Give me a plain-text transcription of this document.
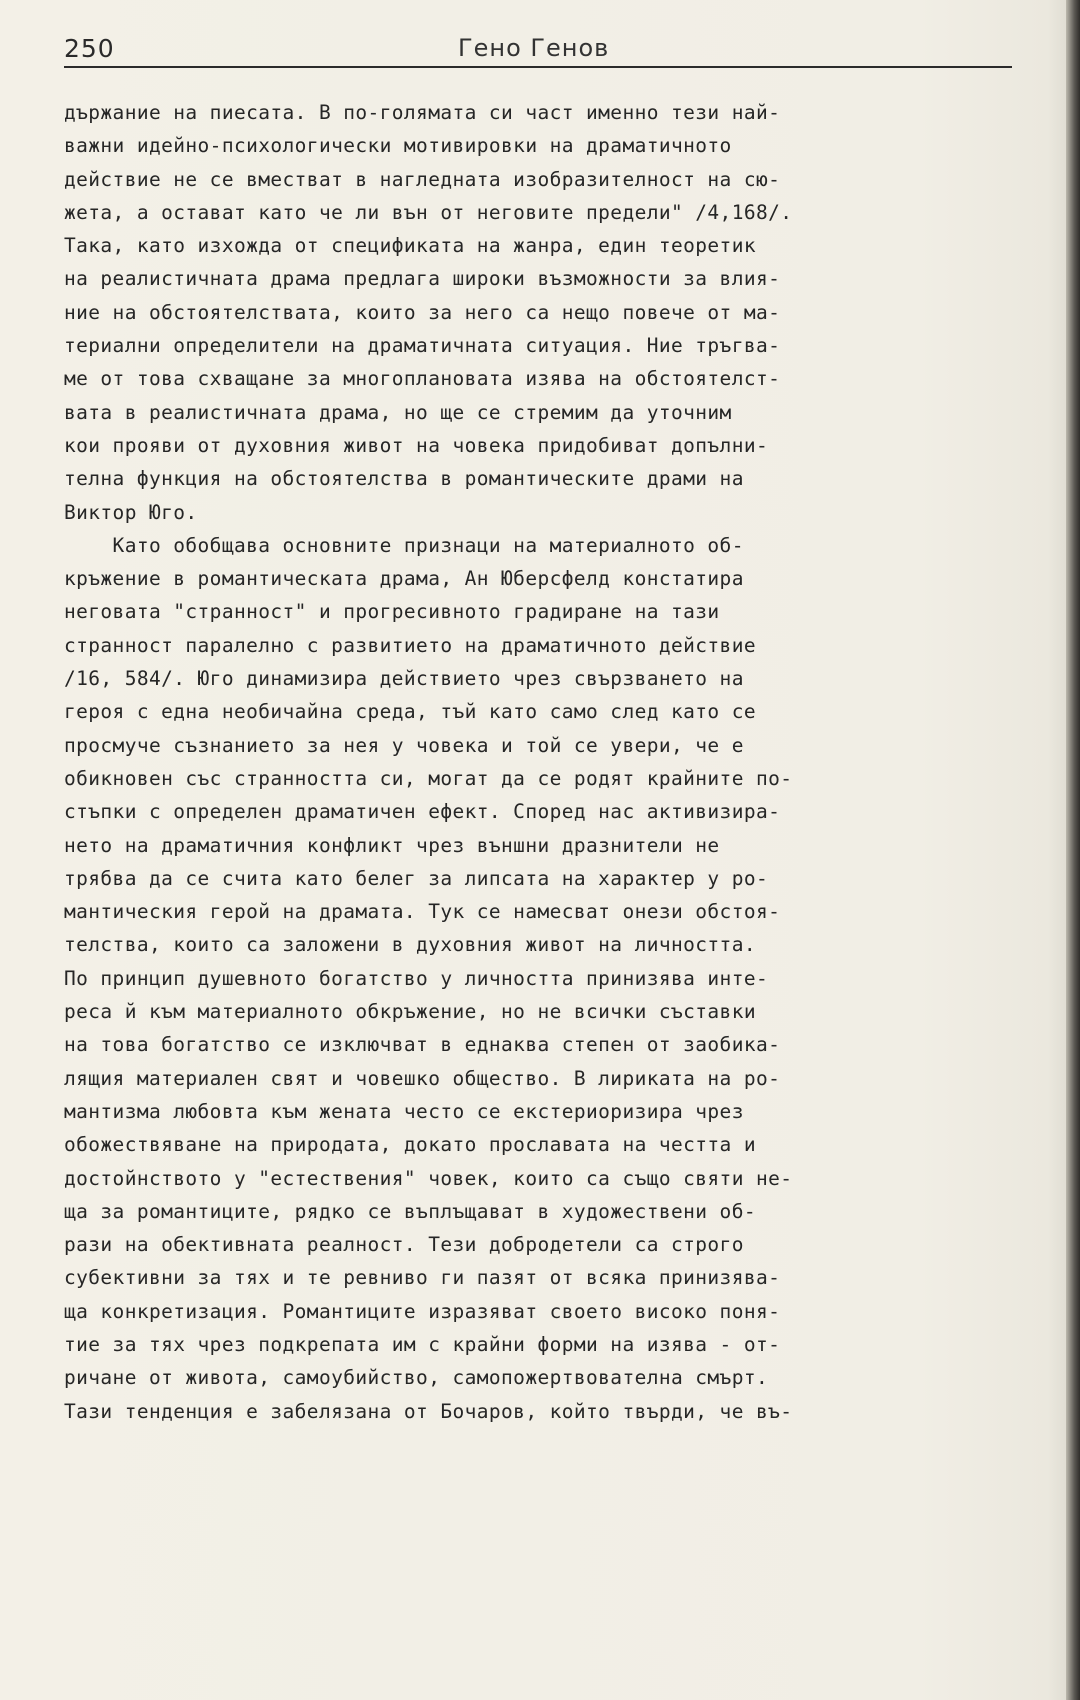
250	Гено Генов
държание на пиесата. В по-голямата си част именно тези най-
важни идейно-психологически мотивировки на драматичното
действие не се вместват в нагледната изобразителност на сю-
жета, а остават като че ли вън от неговите предели" /4,168/.
Така, като изхожда от спецификата на жанра, един теоретик
на реалистичната драма предлага широки възможности за влия-
ние на обстоятелствата, които за него са нещо повече от ма-
териални определители на драматичната ситуация. Ние тръгва-
ме от това схващане за многоплановата изява на обстоятелст-
вата в реалистичната драма, но ще се стремим да уточним
кои прояви от духовния живот на човека придобиват допълни-
телна функция на обстоятелства в романтическите драми на
Виктор Юго.
Като обобщава основните признаци на материалното об-
кръжение в романтическата драма, Ан Юберсфелд констатира
неговата "странност" и прогресивното градиране на тази
странност паралелно с развитието на драматичното действие
/16, 584/. Юго динамизира действието чрез свързването на
героя с една необичайна среда, тъй като само след като се
просмуче съзнанието за нея у човека и той се увери, че е
обикновен със странността си, могат да се родят крайните по-
стъпки с определен драматичен ефект. Според нас активизира-
нето на драматичния конфликт чрез външни дразнители не
трябва да се счита като белег за липсата на характер у ро-
мантическия герой на драмата. Тук се намесват онези обстоя-
телства, които са заложени в духовния живот на личността.
По принцип душевното богатство у личността принизява инте-
реса й към материалното обкръжение, но не всички съставки
на това богатство се изключват в еднаква степен от заобика-
лящия материален свят и човешко общество. В лириката на ро-
мантизма любовта към жената често се екстериоризира чрез
обожествяване на природата, докато прославата на честта и
достойнството у "естествения" човек, които са също святи не-
ща за романтиците, рядко се въплъщават в художествени об-
рази на обективната реалност. Тези добродетели са строго
субективни за тях и те ревниво ги пазят от всяка принизява-
ща конкретизация. Романтиците изразяват своето високо поня-
тие за тях чрез подкрепата им с крайни форми на изява - от-
ричане от живота, самоубийство, самопожертвователна смърт.
Тази тенденция е забелязана от Бочаров, който твърди, че въ-
